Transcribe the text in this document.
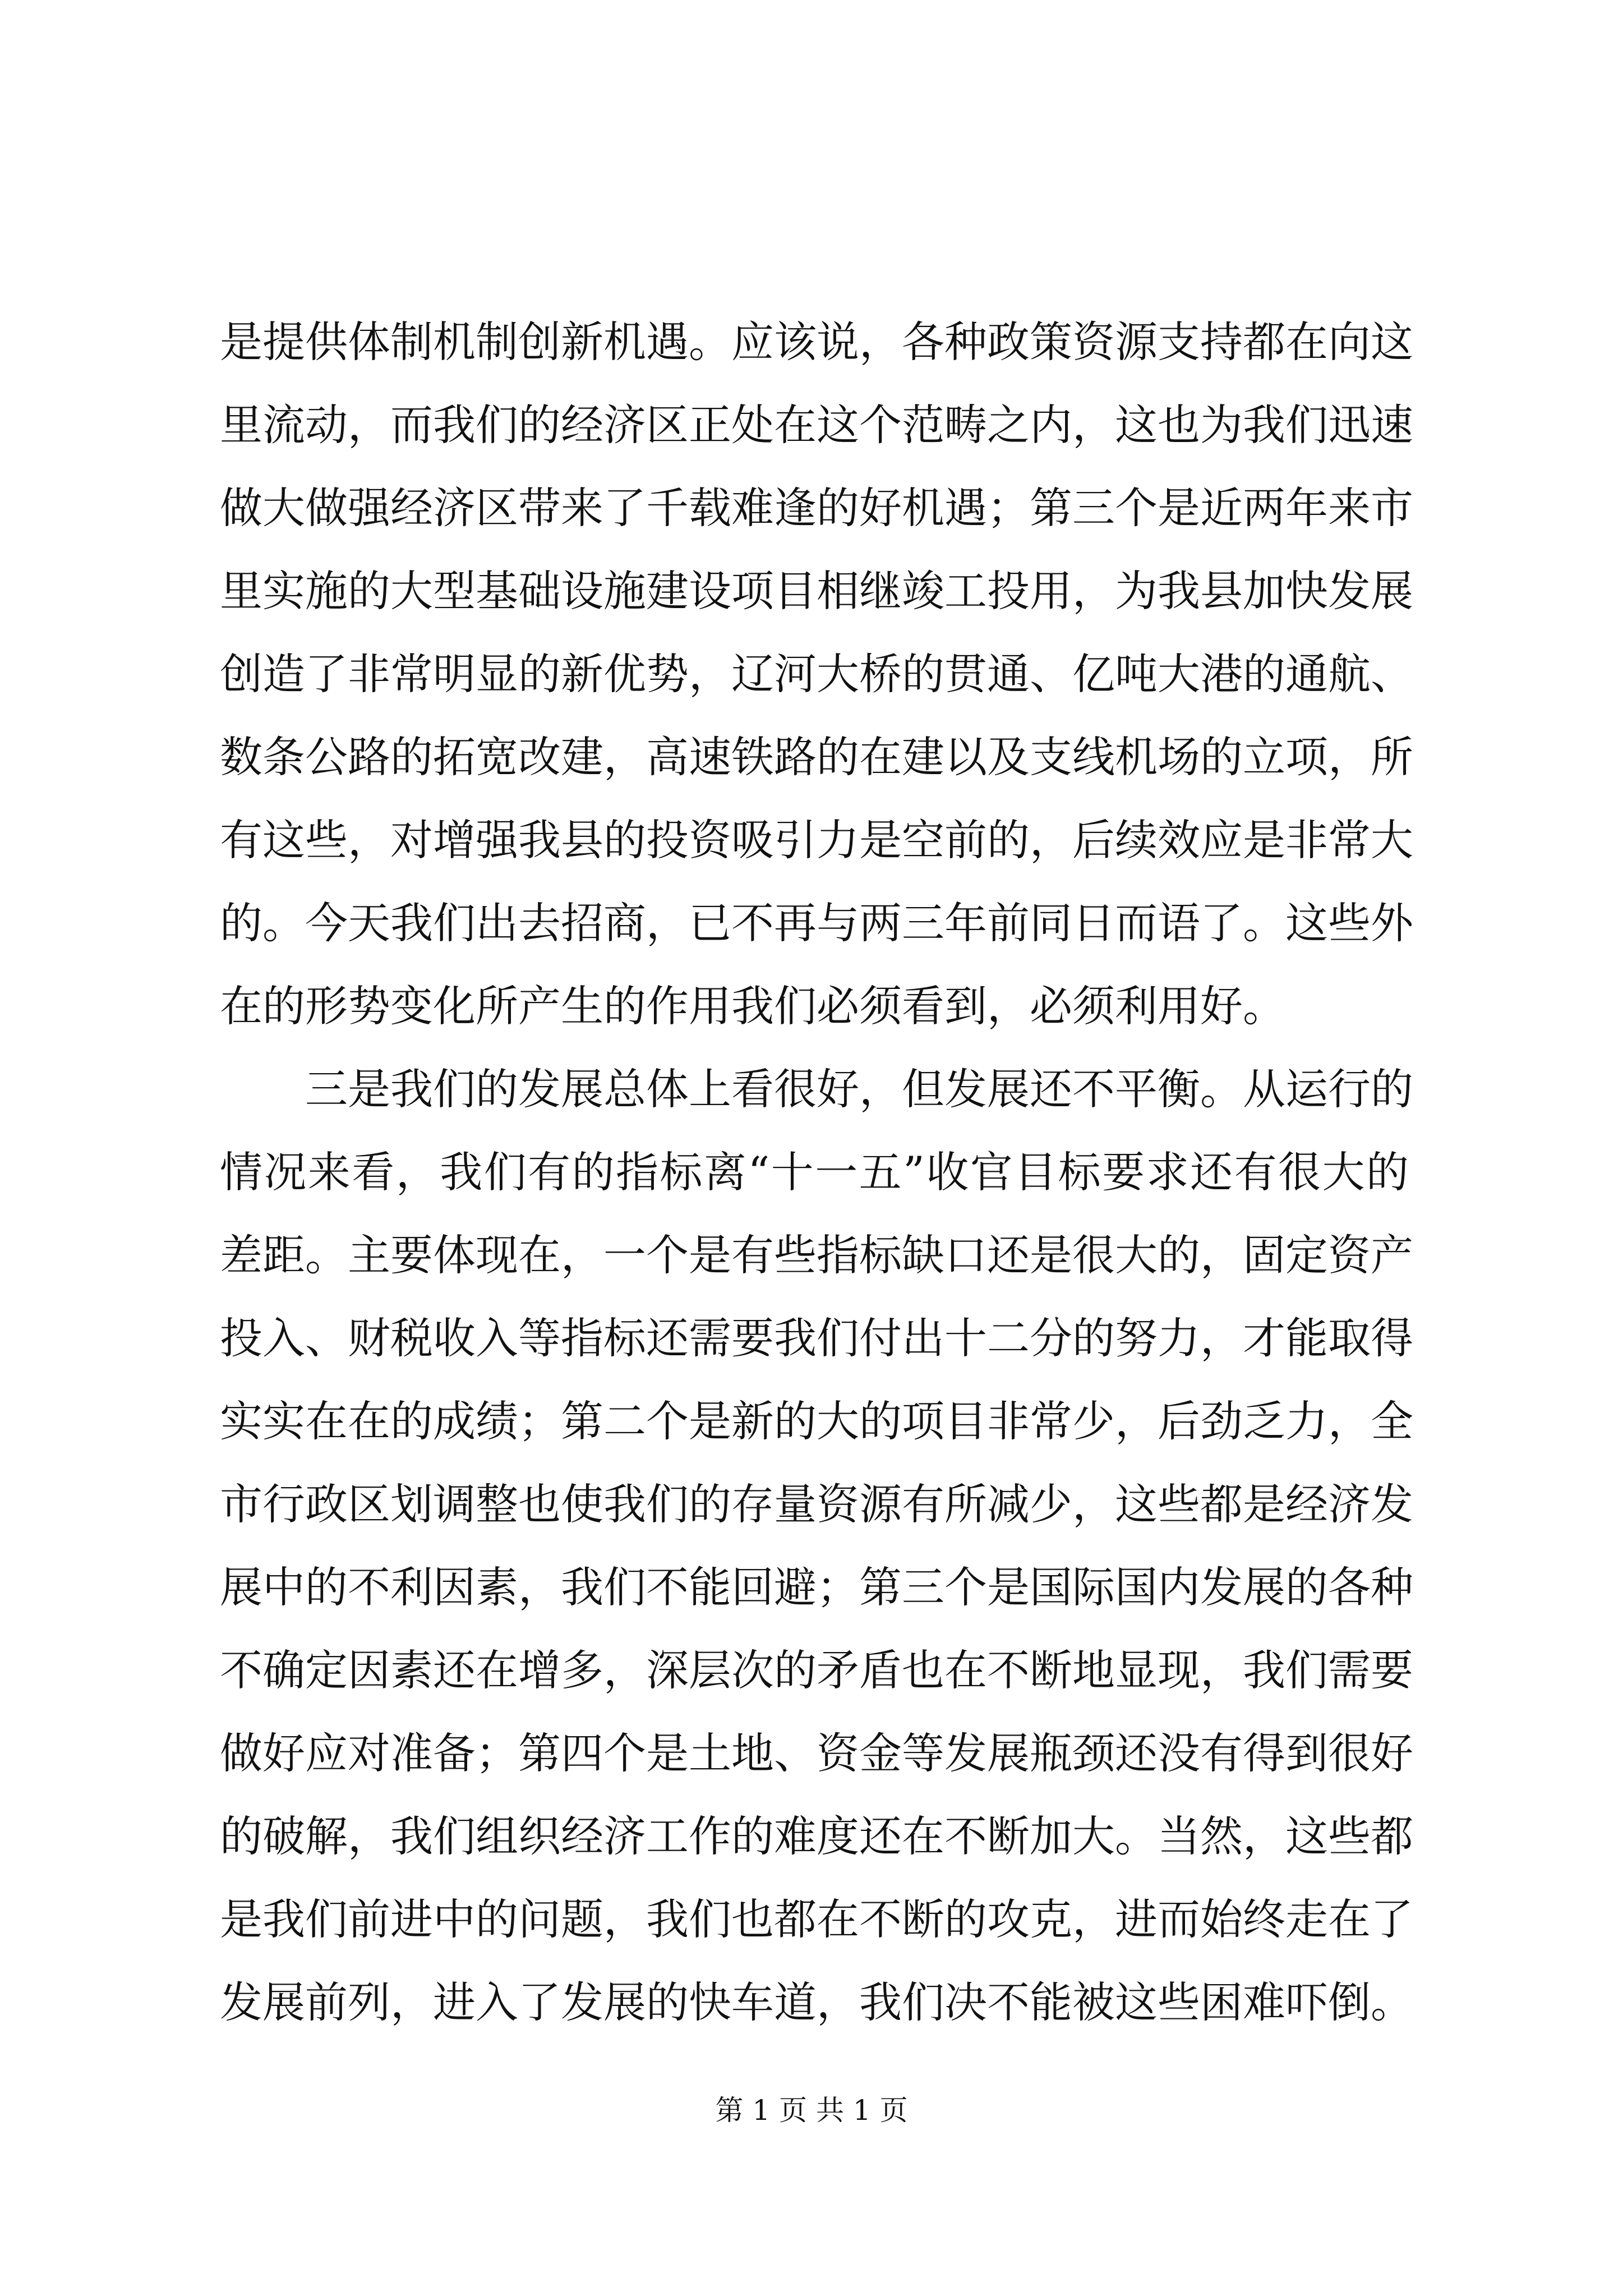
是提供体制机制创新机遇。应该说，各种政策资源支持都在向这
里流动，而我们的经济区正处在这个范畴之内，这也为我们迅速
做大做强经济区带来了千载难逢的好机遇；第三个是近两年来市
里实施的大型基础设施建设项目相继竣工投用，为我县加快发展
创造了非常明显的新优势，辽河大桥的贯通、亿吨大港的通航、
数条公路的拓宽改建，高速铁路的在建以及支线机场的立项，所
有这些，对增强我县的投资吸引力是空前的，后续效应是非常大
的。今天我们出去招商，已不再与两三年前同日而语了。这些外
在的形势变化所产生的作用我们必须看到，必须利用好。
三是我们的发展总体上看很好，但发展还不平衡。从运行的
情况来看，我们有的指标离“十一五”收官目标要求还有很大的
差距。主要体现在，一个是有些指标缺口还是很大的，固定资产
投入、财税收入等指标还需要我们付出十二分的努力，才能取得
实实在在的成绩；第二个是新的大的项目非常少，后劲乏力，全
市行政区划调整也使我们的存量资源有所减少，这些都是经济发
展中的不利因素，我们不能回避；第三个是国际国内发展的各种
不确定因素还在增多，深层次的矛盾也在不断地显现，我们需要
做好应对准备；第四个是土地、资金等发展瓶颈还没有得到很好
的破解，我们组织经济工作的难度还在不断加大。当然，这些都
是我们前进中的问题，我们也都在不断的攻克，进而始终走在了
发展前列，进入了发展的快车道，我们决不能被这些困难吓倒。
第 1 页 共 1 页
